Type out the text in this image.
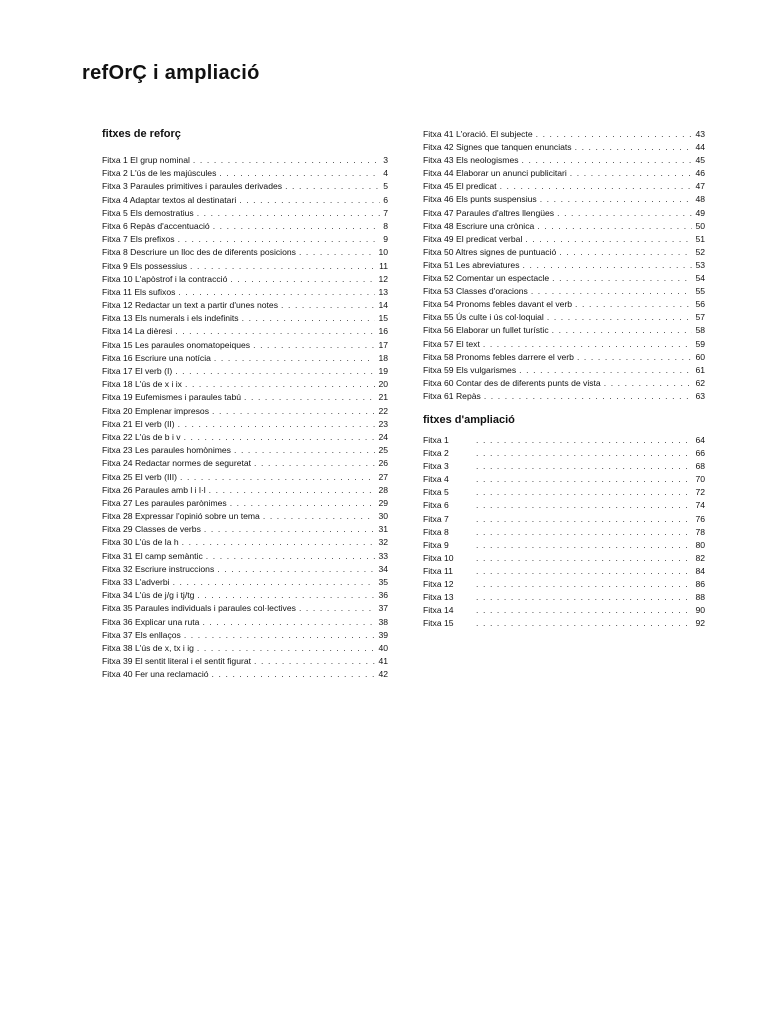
refOrÇ i ampliació
fitxes de reforç
Fitxa 1 El grup nominal . . .	3
Fitxa 2 L'ús de les majúscules . . .	4
Fitxa 3 Paraules primitives i paraules derivades . . .	5
Fitxa 4 Adaptar textos al destinatari . . .	6
Fitxa 5 Els demostratius . . .	7
Fitxa 6 Repàs d'accentuació . . .	8
Fitxa 7 Els prefixos . . .	9
Fitxa 8 Descriure un lloc des de diferents posicions . . .	10
Fitxa 9 Els possessius . . .	11
Fitxa 10 L'apòstrof i la contracció . . .	12
Fitxa 11 Els sufixos . . .	13
Fitxa 12 Redactar un text a partir d'unes notes . . .	14
Fitxa 13 Els numerals i els indefinits . . .	15
Fitxa 14 La dièresi . . .	16
Fitxa 15 Les paraules onomatopeiques . . .	17
Fitxa 16 Escriure una notícia . . .	18
Fitxa 17 El verb (I) . . .	19
Fitxa 18 L'ús de x i ix . . .	20
Fitxa 19 Eufemismes i paraules tabú . . .	21
Fitxa 20 Emplenar impresos . . .	22
Fitxa 21 El verb (II) . . .	23
Fitxa 22 L'ús de b i v . . .	24
Fitxa 23 Les paraules homònimes . . .	25
Fitxa 24 Redactar normes de seguretat . . .	26
Fitxa 25 El verb (III) . . .	27
Fitxa 26 Paraules amb l i l·l . . .	28
Fitxa 27 Les paraules parònimes . . .	29
Fitxa 28 Expressar l'opinió sobre un tema . . .	30
Fitxa 29 Classes de verbs . . .	31
Fitxa 30 L'ús de la h . . .	32
Fitxa 31 El camp semàntic . . .	33
Fitxa 32 Escriure instruccions . . .	34
Fitxa 33 L'adverbi . . .	35
Fitxa 34 L'ús de j/g i tj/tg . . .	36
Fitxa 35 Paraules individuals i paraules col·lectives . . .	37
Fitxa 36 Explicar una ruta . . .	38
Fitxa 37 Els enllaços . . .	39
Fitxa 38 L'ús de x, tx i ig . . .	40
Fitxa 39 El sentit literal i el sentit figurat . . .	41
Fitxa 40 Fer una reclamació . . .	42
Fitxa 41 L'oració. El subjecte . . .	43
Fitxa 42 Signes que tanquen enunciats . . .	44
Fitxa 43 Els neologismes . . .	45
Fitxa 44 Elaborar un anunci publicitari . . .	46
Fitxa 45 El predicat . . .	47
Fitxa 46 Els punts suspensius . . .	48
Fitxa 47 Paraules d'altres llengües . . .	49
Fitxa 48 Escriure una crònica . . .	50
Fitxa 49 El predicat verbal . . .	51
Fitxa 50 Altres signes de puntuació . . .	52
Fitxa 51 Les abreviatures . . .	53
Fitxa 52 Comentar un espectacle . . .	54
Fitxa 53 Classes d'oracions . . .	55
Fitxa 54 Pronoms febles davant el verb . . .	56
Fitxa 55 Ús culte i ús col·loquial . . .	57
Fitxa 56 Elaborar un fullet turístic . . .	58
Fitxa 57 El text . . .	59
Fitxa 58 Pronoms febles darrere el verb . . .	60
Fitxa 59 Els vulgarismes . . .	61
Fitxa 60 Contar des de diferents punts de vista . . .	62
Fitxa 61 Repàs . . .	63
fitxes d'ampliació
Fitxa 1 . . .	64
Fitxa 2 . . .	66
Fitxa 3 . . .	68
Fitxa 4 . . .	70
Fitxa 5 . . .	72
Fitxa 6 . . .	74
Fitxa 7 . . .	76
Fitxa 8 . . .	78
Fitxa 9 . . .	80
Fitxa 10 . . .	82
Fitxa 11 . . .	84
Fitxa 12 . . .	86
Fitxa 13 . . .	88
Fitxa 14 . . .	90
Fitxa 15 . . .	92
